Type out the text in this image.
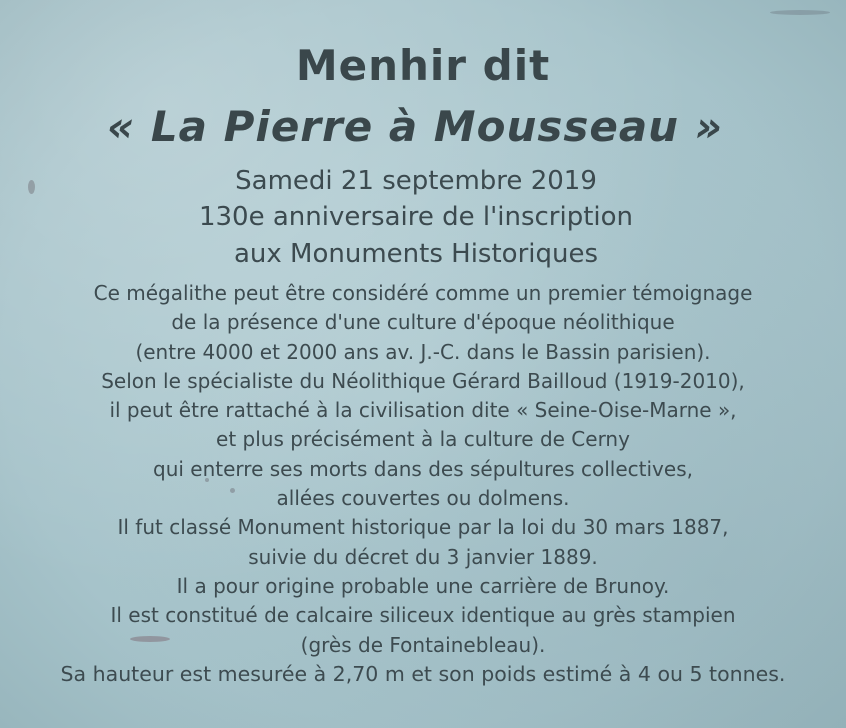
Menhir dit
« La Pierre à Mousseau »
Samedi 21 septembre 2019
130e anniversaire de l'inscription
aux Monuments Historiques
Ce mégalithe peut être considéré comme un premier témoignage
de la présence d'une culture d'époque néolithique
(entre 4000 et 2000 ans av. J.-C. dans le Bassin parisien).
Selon le spécialiste du Néolithique Gérard Bailloud (1919-2010),
il peut être rattaché à la civilisation dite « Seine-Oise-Marne »,
et plus précisément à la culture de Cerny
qui enterre ses morts dans des sépultures collectives,
allées couvertes ou dolmens.
Il fut classé Monument historique par la loi du 30 mars 1887,
suivie du décret du 3 janvier 1889.
Il a pour origine probable une carrière de Brunoy.
Il est constitué de calcaire siliceux identique au grès stampien
(grès de Fontainebleau).
Sa hauteur est mesurée à 2,70 m et son poids estimé à 4 ou 5 tonnes.
